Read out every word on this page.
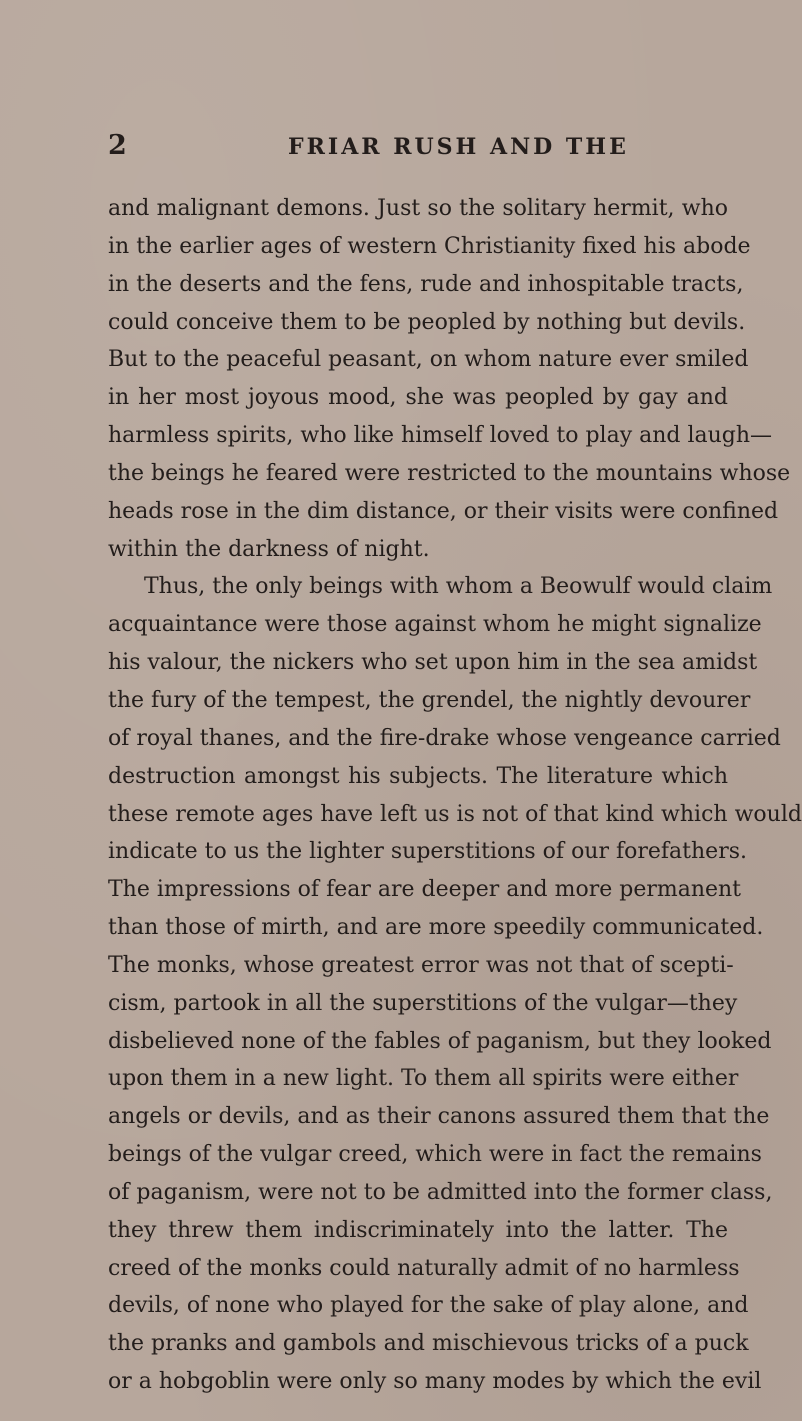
2	FRIAR RUSH AND THE
and malignant demons. Just so the solitary hermit, who
in the earlier ages of western Christianity fixed his abode
in the deserts and the fens, rude and inhospitable tracts,
could conceive them to be peopled by nothing but devils.
But to the peaceful peasant, on whom nature ever smiled
in her most joyous mood, she was peopled by gay and
harmless spirits, who like himself loved to play and laugh—
the beings he feared were restricted to the mountains whose
heads rose in the dim distance, or their visits were confined
within the darkness of night.
Thus, the only beings with whom a Beowulf would claim
acquaintance were those against whom he might signalize
his valour, the nickers who set upon him in the sea amidst
the fury of the tempest, the grendel, the nightly devourer
of royal thanes, and the fire-drake whose vengeance carried
destruction amongst his subjects. The literature which
these remote ages have left us is not of that kind which would
indicate to us the lighter superstitions of our forefathers.
The impressions of fear are deeper and more permanent
than those of mirth, and are more speedily communicated.
The monks, whose greatest error was not that of scepti-
cism, partook in all the superstitions of the vulgar—they
disbelieved none of the fables of paganism, but they looked
upon them in a new light. To them all spirits were either
angels or devils, and as their canons assured them that the
beings of the vulgar creed, which were in fact the remains
of paganism, were not to be admitted into the former class,
they threw them indiscriminately into the latter. The
creed of the monks could naturally admit of no harmless
devils, of none who played for the sake of play alone, and
the pranks and gambols and mischievous tricks of a puck
or a hobgoblin were only so many modes by which the evil
